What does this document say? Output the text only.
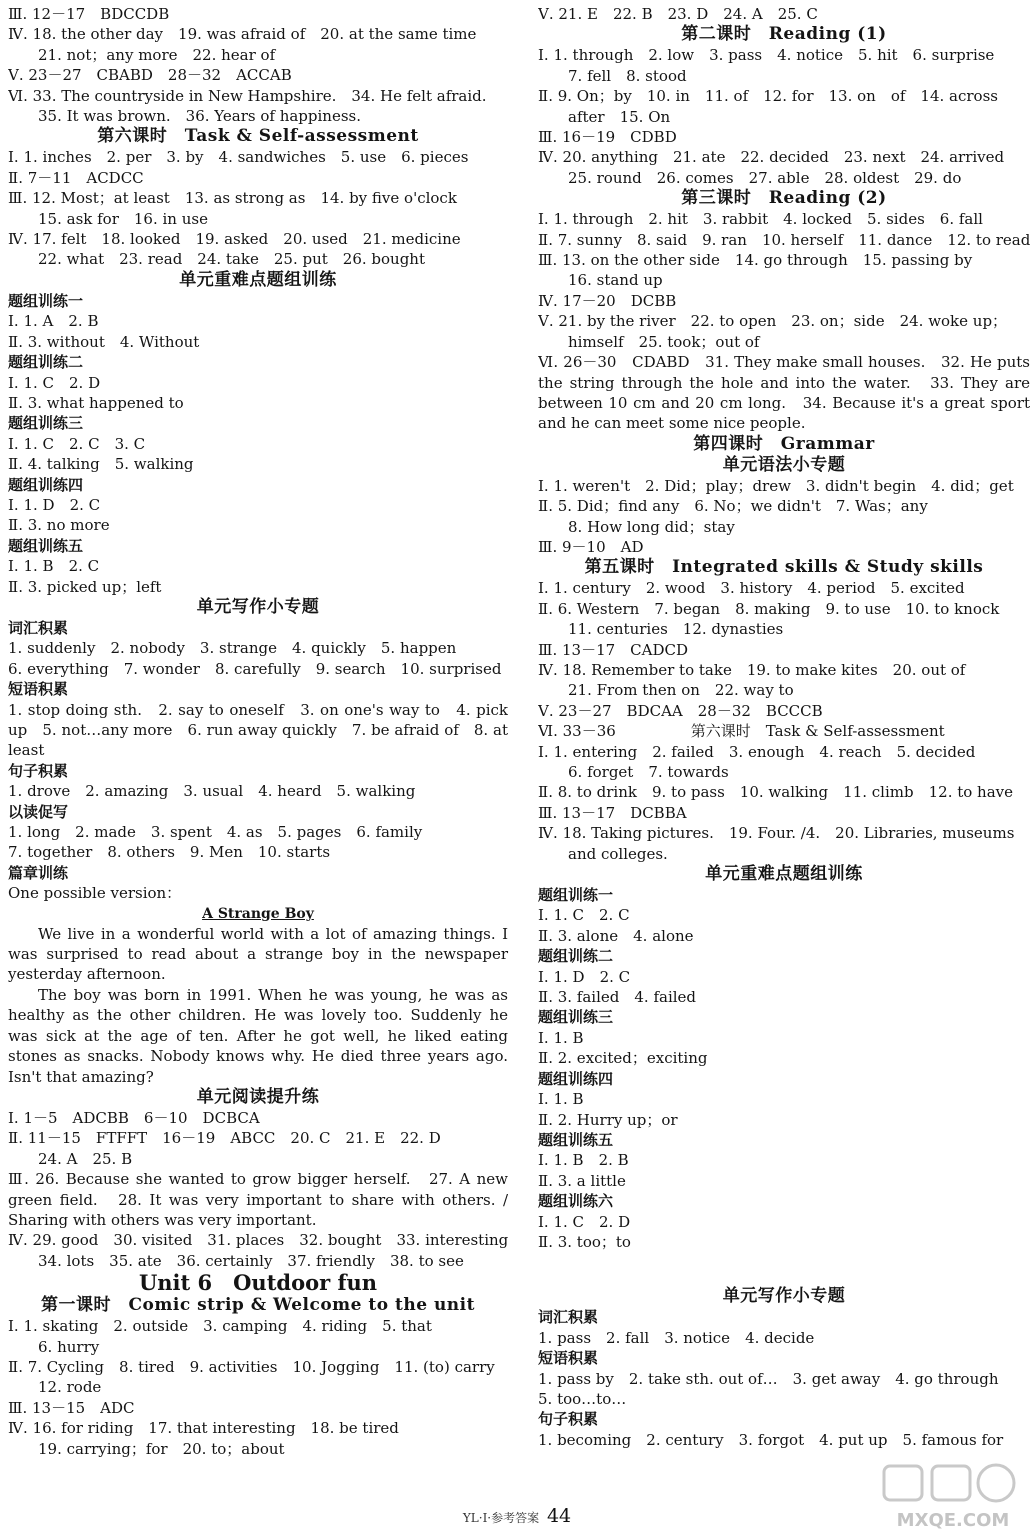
Ⅲ. 12－17　BDCCDB
Ⅳ. 18. the other day　19. was afraid of　20. at the same time
21. not；any more　22. hear of
Ⅴ. 23－27　CBABD　28－32　ACCAB
Ⅵ. 33. The countryside in New Hampshire.　34. He felt afraid.
35. It was brown.　36. Years of happiness.
第六课时　Task & Self-assessment
Ⅰ. 1. inches　2. per　3. by　4. sandwiches　5. use　6. pieces
Ⅱ. 7－11　ACDCC
Ⅲ. 12. Most；at least　13. as strong as　14. by five o'clock
15. ask for　16. in use
Ⅳ. 17. felt　18. looked　19. asked　20. used　21. medicine
22. what　23. read　24. take　25. put　26. bought
单元重难点题组训练
题组训练一
Ⅰ. 1. A　2. B
Ⅱ. 3. without　4. Without
题组训练二
Ⅰ. 1. C　2. D
Ⅱ. 3. what happened to
题组训练三
Ⅰ. 1. C　2. C　3. C
Ⅱ. 4. talking　5. walking
题组训练四
Ⅰ. 1. D　2. C
Ⅱ. 3. no more
题组训练五
Ⅰ. 1. B　2. C
Ⅱ. 3. picked up；left
单元写作小专题
词汇积累
1. suddenly　2. nobody　3. strange　4. quickly　5. happen
6. everything　7. wonder　8. carefully　9. search　10. surprised
短语积累
1. stop doing sth.　2. say to oneself　3. on one's way to　4. pick up　5. not…any more　6. run away quickly　7. be afraid of　8. at least
句子积累
1. drove　2. amazing　3. usual　4. heard　5. walking
以读促写
1. long　2. made　3. spent　4. as　5. pages　6. family
7. together　8. others　9. Men　10. starts
篇章训练
One possible version：
A Strange Boy
We live in a wonderful world with a lot of amazing things. I was surprised to read about a strange boy in the newspaper yesterday afternoon.
The boy was born in 1991. When he was young, he was as healthy as the other children. He was lovely too. Suddenly he was sick at the age of ten. After he got well, he liked eating stones as snacks. Nobody knows why. He died three years ago. Isn't that amazing?
单元阅读提升练
Ⅰ. 1－5　ADCBB　6－10　DCBCA
Ⅱ. 11－15　FTFFT　16－19　ABCC　20. C　21. E　22. D
24. A　25. B
Ⅲ. 26. Because she wanted to grow bigger herself.　27. A new green field.　28. It was very important to share with others. / Sharing with others was very important.
Ⅳ. 29. good　30. visited　31. places　32. bought　33. interesting
34. lots　35. ate　36. certainly　37. friendly　38. to see
Unit 6　Outdoor fun
第一课时　Comic strip & Welcome to the unit
Ⅰ. 1. skating　2. outside　3. camping　4. riding　5. that
6. hurry
Ⅱ. 7. Cycling　8. tired　9. activities　10. Jogging　11. (to) carry
12. rode
Ⅲ. 13－15　ADC
Ⅳ. 16. for riding　17. that interesting　18. be tired
19. carrying；for　20. to；about
Ⅴ. 21. E　22. B　23. D　24. A　25. C
第二课时　Reading (1)
Ⅰ. 1. through　2. low　3. pass　4. notice　5. hit　6. surprise
7. fell　8. stood
Ⅱ. 9. On；by　10. in　11. of　12. for　13. on　of　14. across
after　15. On
Ⅲ. 16－19　CDBD
Ⅳ. 20. anything　21. ate　22. decided　23. next　24. arrived
25. round　26. comes　27. able　28. oldest　29. do
第三课时　Reading (2)
Ⅰ. 1. through　2. hit　3. rabbit　4. locked　5. sides　6. fall
Ⅱ. 7. sunny　8. said　9. ran　10. herself　11. dance　12. to read
Ⅲ. 13. on the other side　14. go through　15. passing by
16. stand up
Ⅳ. 17－20　DCBB
Ⅴ. 21. by the river　22. to open　23. on；side　24. woke up；
himself　25. took；out of
Ⅵ. 26－30　CDABD　31. They make small houses.　32. He puts the string through the hole and into the water.　33. They are between 10 cm and 20 cm long.　34. Because it's a great sport and he can meet some nice people.
第四课时　Grammar
单元语法小专题
Ⅰ. 1. weren't　2. Did；play；drew　3. didn't begin　4. did；get
Ⅱ. 5. Did；find any　6. No；we didn't　7. Was；any
8. How long did；stay
Ⅲ. 9－10　AD
第五课时　Integrated skills & Study skills
Ⅰ. 1. century　2. wood　3. history　4. period　5. excited
Ⅱ. 6. Western　7. began　8. making　9. to use　10. to knock
11. centuries　12. dynasties
Ⅲ. 13－17　CADCD
Ⅳ. 18. Remember to take　19. to make kites　20. out of
21. From then on　22. way to
Ⅴ. 23－27　BDCAA　28－32　BCCCB
Ⅵ. 33－36　　　　　第六课时　Task & Self-assessment
Ⅰ. 1. entering　2. failed　3. enough　4. reach　5. decided
6. forget　7. towards
Ⅱ. 8. to drink　9. to pass　10. walking　11. climb　12. to have
Ⅲ. 13－17　DCBBA
Ⅳ. 18. Taking pictures.　19. Four. /4.　20. Libraries, museums
and colleges.
单元重难点题组训练
题组训练一
Ⅰ. 1. C　2. C
Ⅱ. 3. alone　4. alone
题组训练二
Ⅰ. 1. D　2. C
Ⅱ. 3. failed　4. failed
题组训练三
Ⅰ. 1. B
Ⅱ. 2. excited；exciting
题组训练四
Ⅰ. 1. B
Ⅱ. 2. Hurry up；or
题组训练五
Ⅰ. 1. B　2. B
Ⅱ. 3. a little
题组训练六
Ⅰ. 1. C　2. D
Ⅱ. 3. too；to
单元写作小专题
词汇积累
1. pass　2. fall　3. notice　4. decide
短语积累
1. pass by　2. take sth. out of…　3. get away　4. go through
5. too…to…
句子积累
1. becoming　2. century　3. forgot　4. put up　5. famous for
YL·I·参考答案 44	MXQE.COM
